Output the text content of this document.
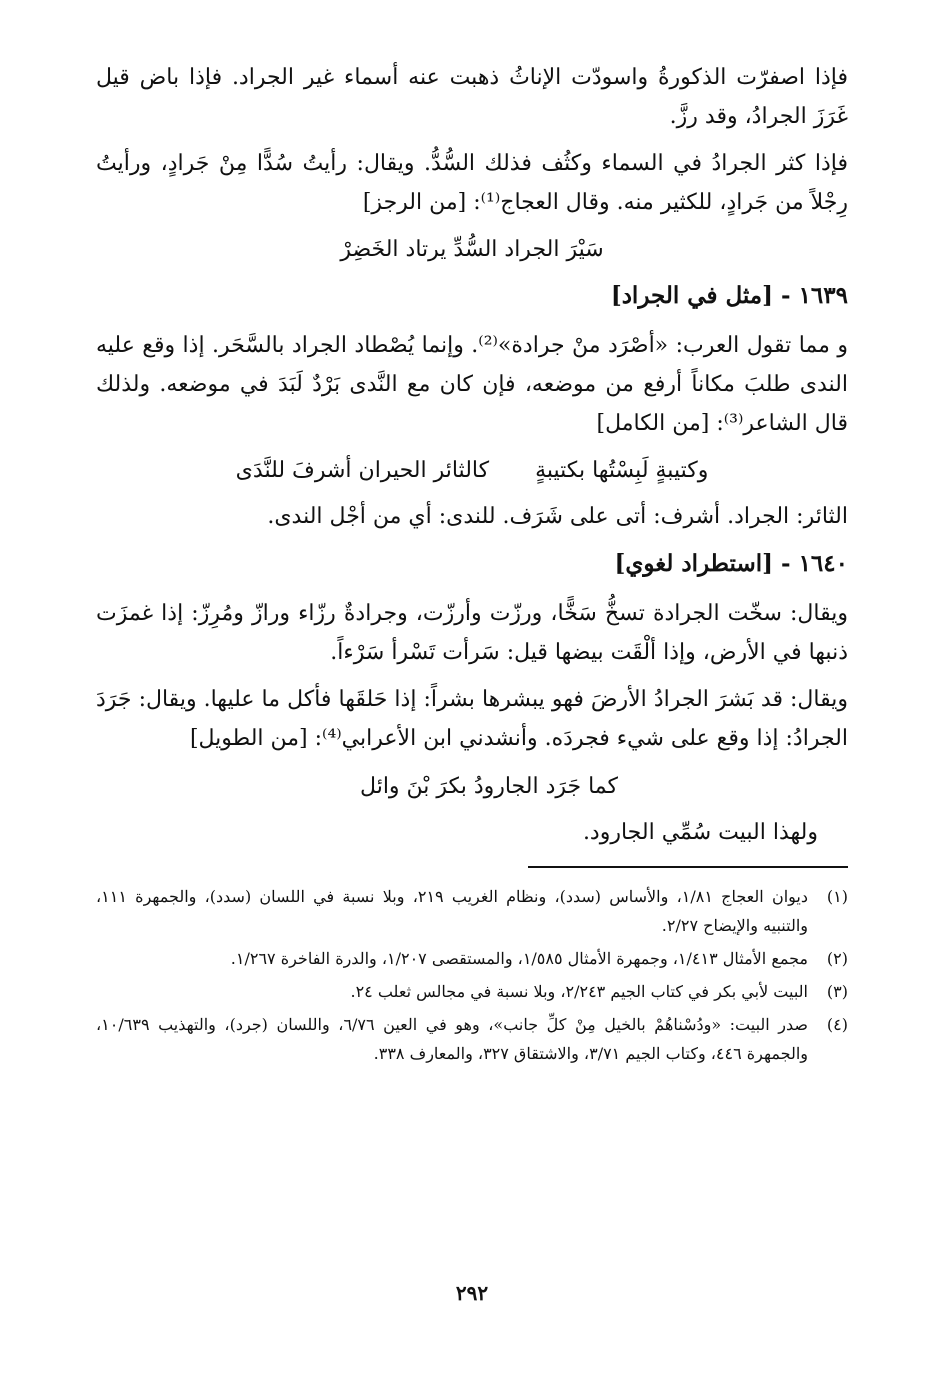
فإذا اصفرّت الذكورةُ واسودّت الإناثُ ذهبت عنه أسماء غير الجراد. فإذا باض قيل غَرَزَ الجرادُ، وقد رزَّ.

فإذا كثر الجرادُ في السماء وكثُف فذلك السُّدُّ. ويقال: رأيتُ سُدًّا مِنْ جَرادٍ، ورأيتُ رِجْلاً من جَرادٍ، للكثير منه. وقال العجاج⁽¹⁾: [من الرجز]

سَيْرَ الجراد السُّدِّ يرتاد الخَضِرْ

١٦٣٩ - [مثل في الجراد]

و مما تقول العرب: «أصْرَد منْ جرادة»⁽²⁾. وإنما يُصْطاد الجراد بالسَّحَر. إذا وقع عليه الندى طلبَ مكاناً أرفع من موضعه، فإن كان مع النَّدى بَرْدٌ لَبَدَ في موضعه. ولذلك قال الشاعر⁽³⁾: [من الكامل]

وكتيبةٍ لَبِسْتُها بكتيبةٍ
كالثائر الحيران أشرفَ للنَّدَى

الثائر: الجراد. أشرف: أتى على شَرَف. للندى: أي من أجْل الندى.

١٦٤٠ - [استطراد لغوي]

ويقال: سخّت الجرادة تسخُّ سَخًّا، ورزّت وأرزّت، وجرادةٌ رزّاء ورازّ ومُرِزّ: إذا غمزَت ذنبها في الأرض، وإذا ألْقَت بيضها قيل: سَرأت تَسْرأ سَرْءاً.

ويقال: قد بَشرَ الجرادُ الأرضَ فهو يبشرها بشراً: إذا حَلقَها فأكل ما عليها. ويقال: جَرَدَ الجرادُ: إذا وقع على شيء فجردَه. وأنشدني ابن الأعرابي⁽⁴⁾: [من الطويل]

كما جَرَد الجارودُ بكرَ بْنَ وائل

ولهذا البيت سُمِّي الجارود.

(١)
ديوان العجاج ١/٨١، والأساس (سدد)، ونظام الغريب ٢١٩، وبلا نسبة في اللسان (سدد)، والجمهرة ١١١، والتنبيه والإيضاح ٢/٢٧.
(٢)
مجمع الأمثال ١/٤١٣، وجمهرة الأمثال ١/٥٨٥، والمستقصى ١/٢٠٧، والدرة الفاخرة ١/٢٦٧.
(٣)
البيت لأبي بكر في كتاب الجيم ٢/٢٤٣، وبلا نسبة في مجالس ثعلب ٢٤.
(٤)
صدر البيت: «ودُسْناهُمْ بالخيل مِنْ كلِّ جانب»، وهو في العين ٦/٧٦، واللسان (جرد)، والتهذيب ١٠/٦٣٩، والجمهرة ٤٤٦، وكتاب الجيم ٣/٧١، والاشتقاق ٣٢٧، والمعارف ٣٣٨.
٢٩٢
